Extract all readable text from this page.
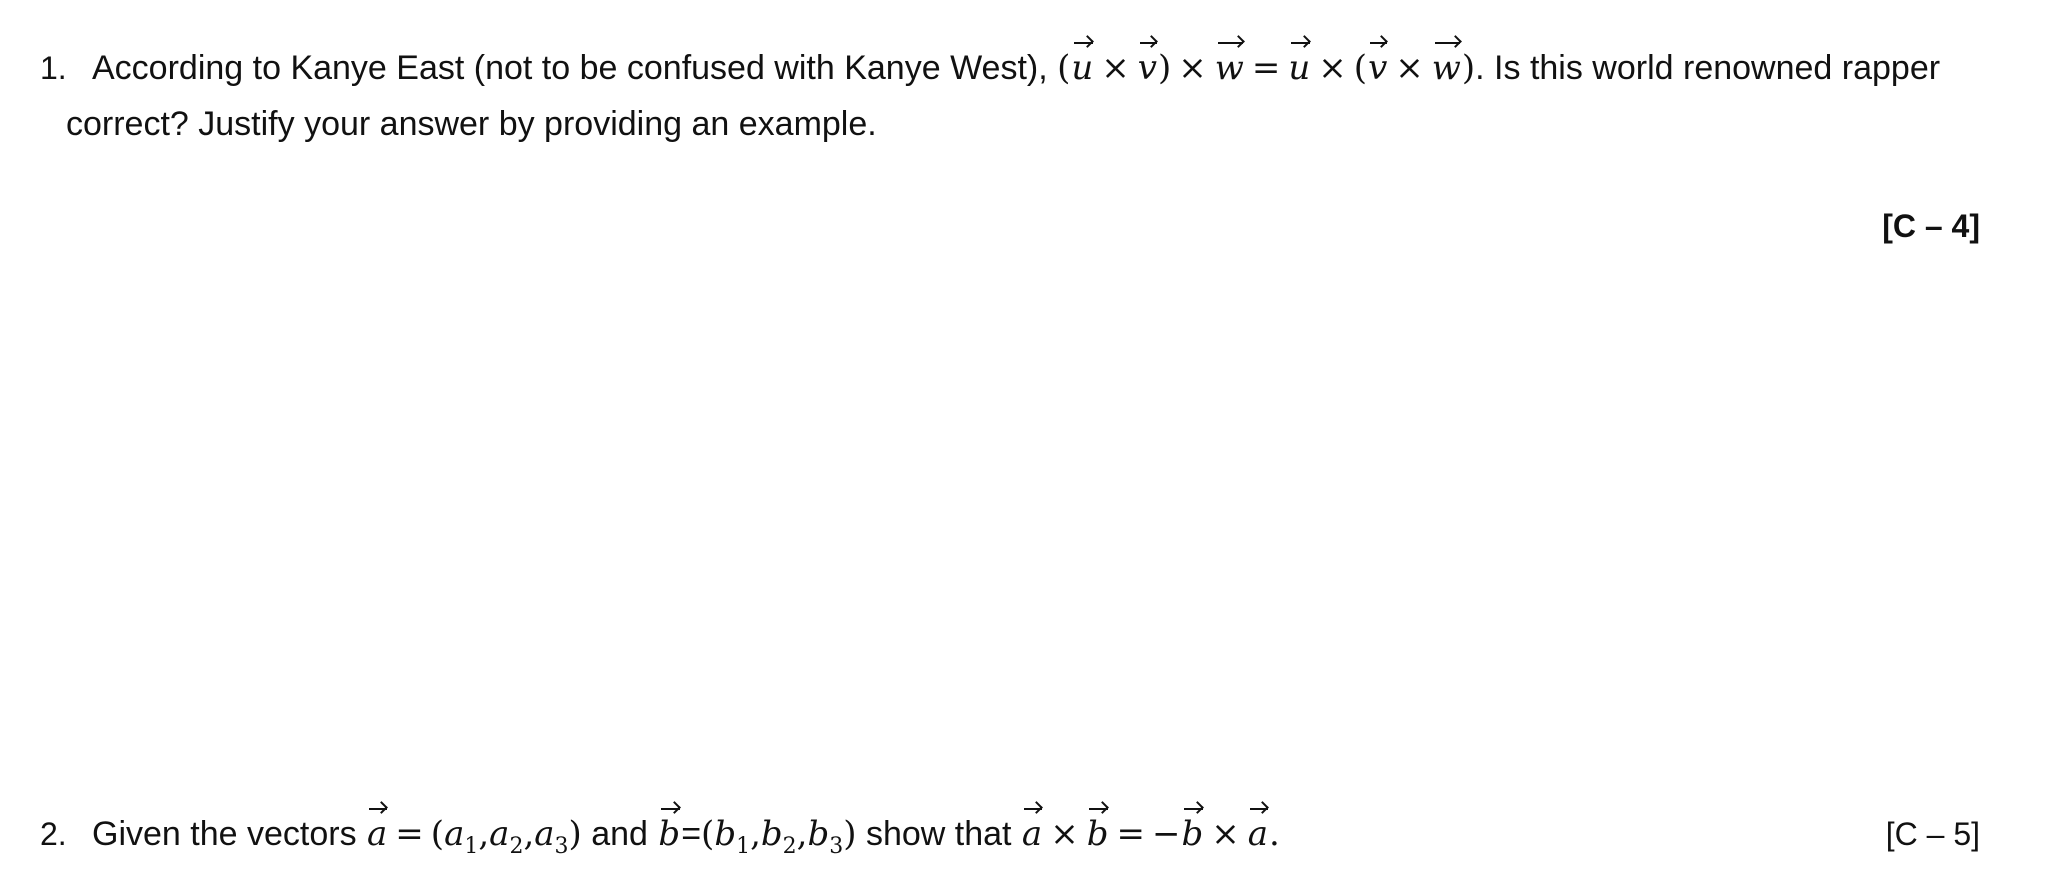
1. According to Kanye East (not to be confused with Kanye West), (u × v) × w = u × (v × w). Is this world renowned rapper
correct? Justify your answer by providing an example.
[C – 4]
2. Given the vectors $a = (a_1,a_2,a_3)$ and $b=(b_1,b_2,b_3)$ show that a × b = −b × a.	[C – 5]
